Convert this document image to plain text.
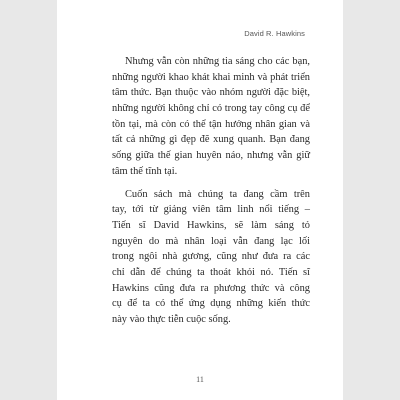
David R. Hawkins
Nhưng vẫn còn những tia sáng cho các bạn,
những người khao khát khai minh và phát triển
tâm thức. Bạn thuộc vào nhóm người đặc biệt,
những người không chỉ có trong tay công cụ để
tồn tại, mà còn có thể tận hưởng nhân gian và
tất cả những gì đẹp đẽ xung quanh. Bạn đang
sống giữa thế gian huyên náo, nhưng vẫn giữ
tâm thế tĩnh tại.
Cuốn sách mà chúng ta đang cầm trên
tay, tới từ giảng viên tâm linh nổi tiếng –
Tiến sĩ David Hawkins, sẽ làm sáng tỏ
nguyên do mà nhân loại vẫn đang lạc lối
trong ngôi nhà gương, cũng như đưa ra các
chỉ dẫn để chúng ta thoát khỏi nó. Tiến sĩ
Hawkins cũng đưa ra phương thức và công
cụ để ta có thể ứng dụng những kiến thức
này vào thực tiễn cuộc sống.
11
